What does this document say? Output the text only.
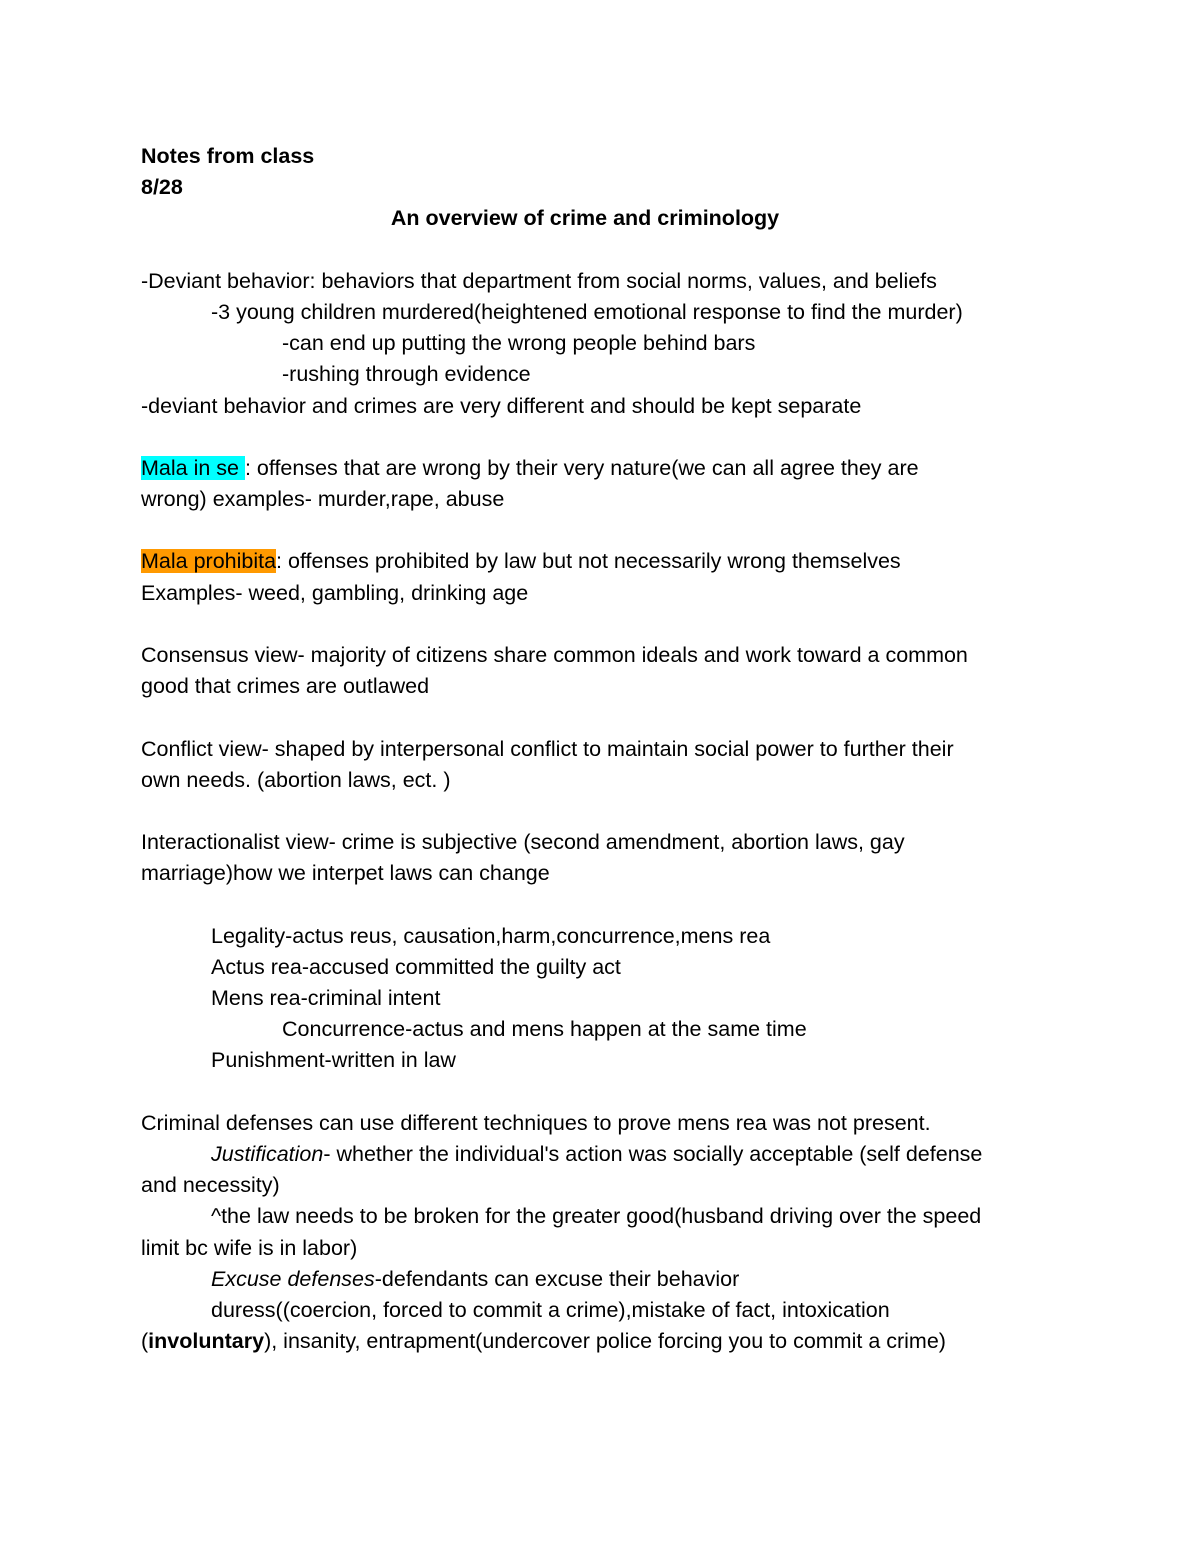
Notes from class
8/28
An overview of crime and criminology
-Deviant behavior: behaviors that department from social norms, values, and beliefs
-3 young children murdered(heightened emotional response to find the murder)
-can end up putting the wrong people behind bars
-rushing through evidence
-deviant behavior and crimes are very different and should be kept separate
Mala in se : offenses that are wrong by their very nature(we can all agree they are
wrong) examples- murder,rape, abuse
Mala prohibita: offenses prohibited by law but not necessarily wrong themselves
Examples- weed, gambling, drinking age
Consensus view- majority of citizens share common ideals and work toward a common
good that crimes are outlawed
Conflict view- shaped by interpersonal conflict to maintain social power to further their
own needs. (abortion laws, ect. )
Interactionalist view- crime is subjective (second amendment, abortion laws, gay
marriage)how we interpet laws can change
Legality-actus reus, causation,harm,concurrence,mens rea
Actus rea-accused committed the guilty act
Mens rea-criminal intent
Concurrence-actus and mens happen at the same time
Punishment-written in law
Criminal defenses can use different techniques to prove mens rea was not present.
Justification- whether the individual's action was socially acceptable (self defense
and necessity)
^the law needs to be broken for the greater good(husband driving over the speed
limit bc wife is in labor)
Excuse defenses-defendants can excuse their behavior
duress((coercion, forced to commit a crime),mistake of fact, intoxication
(involuntary), insanity, entrapment(undercover police forcing you to commit a crime)
